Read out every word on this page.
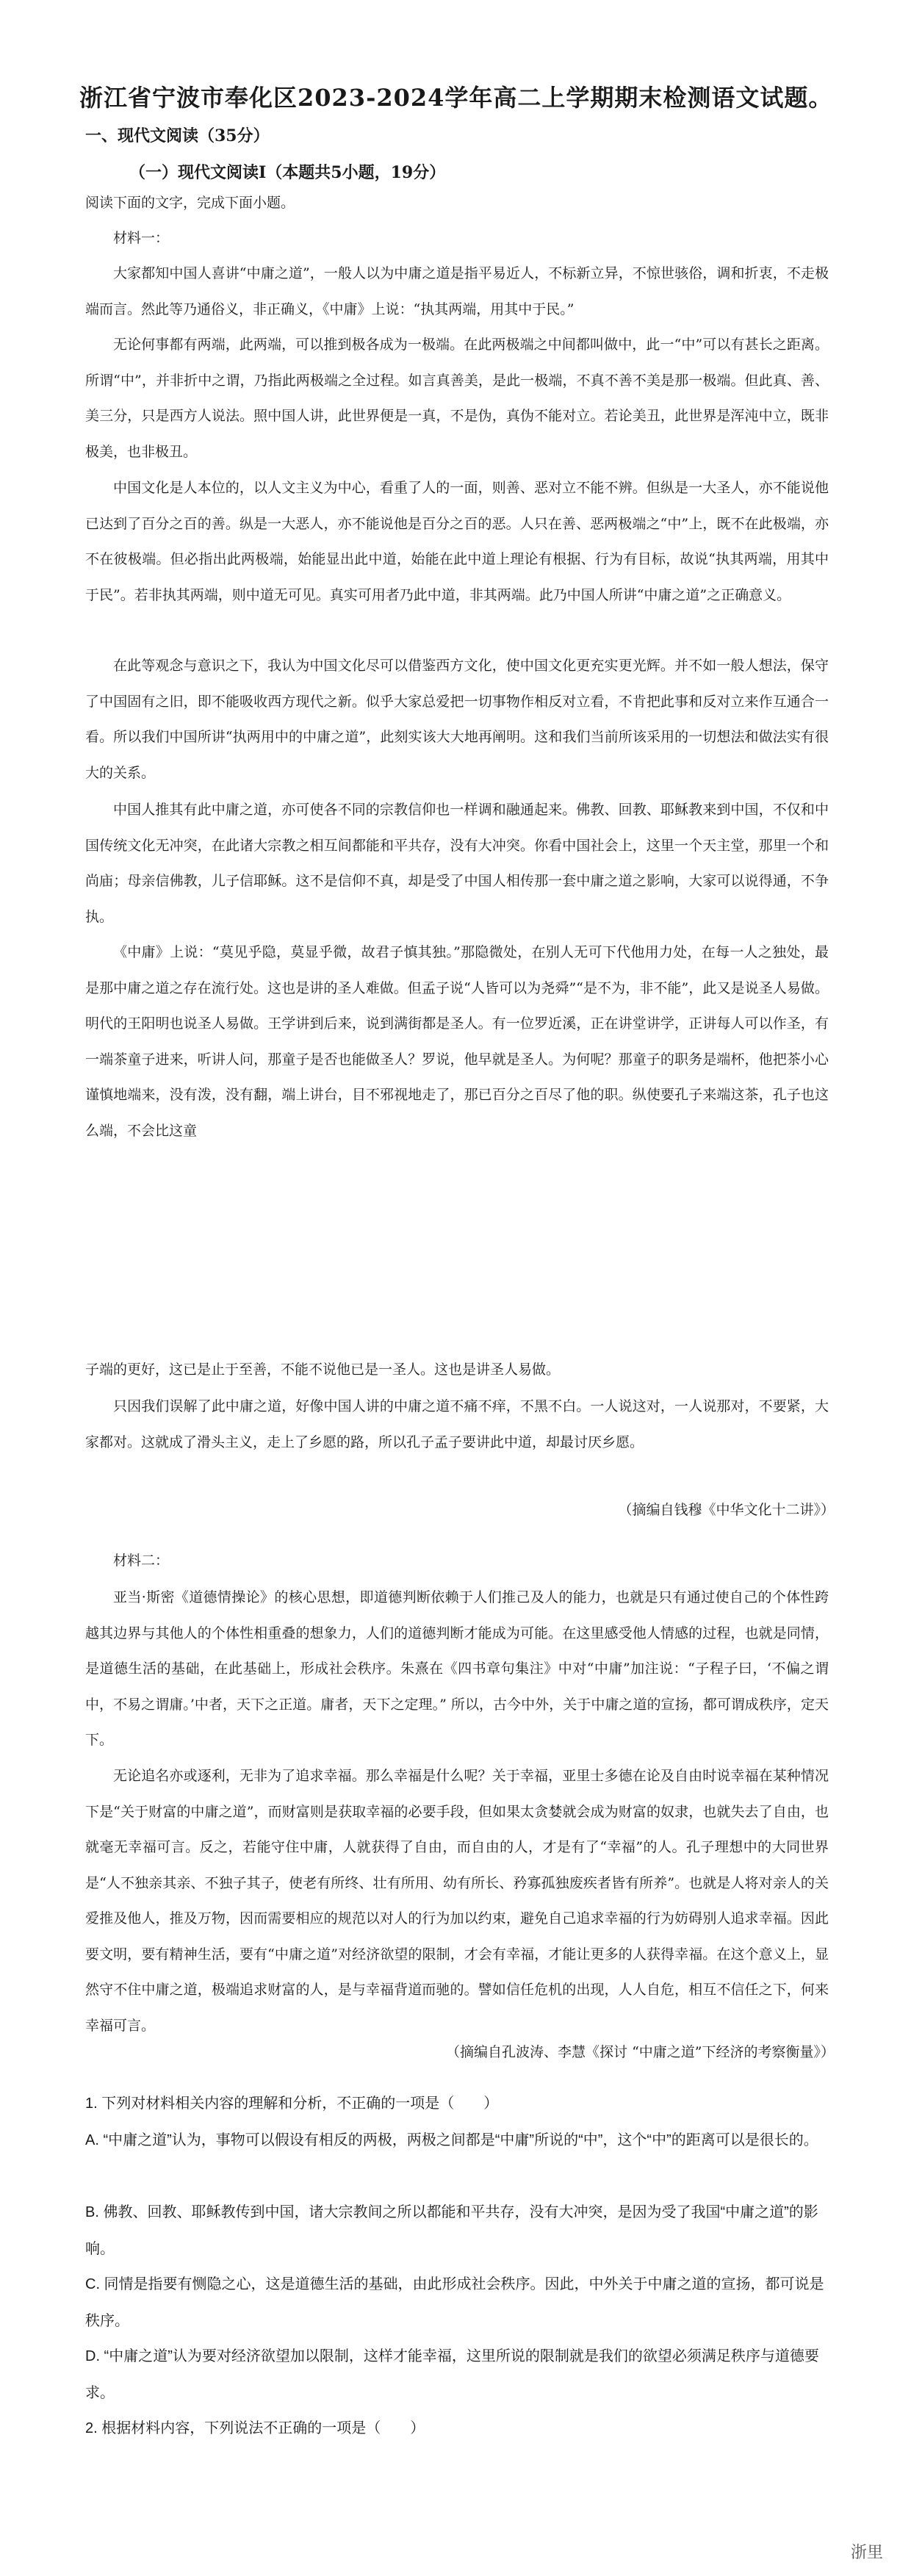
浙江省宁波市奉化区2023-2024学年高二上学期期末检测语文试题。
一、现代文阅读（35分）
（一）现代文阅读Ⅰ（本题共5小题，19分）
阅读下面的文字，完成下面小题。
材料一：
大家都知中国人喜讲“中庸之道”，一般人以为中庸之道是指平易近人，不标新立异，不惊世骇俗，调和折衷，不走极端而言。然此等乃通俗义，非正确义，《中庸》上说：“执其两端，用其中于民。”
无论何事都有两端，此两端，可以推到极各成为一极端。在此两极端之中间都叫做中，此一“中”可以有甚长之距离。所谓“中”，并非折中之谓，乃指此两极端之全过程。如言真善美，是此一极端，不真不善不美是那一极端。但此真、善、美三分，只是西方人说法。照中国人讲，此世界便是一真，不是伪，真伪不能对立。若论美丑，此世界是浑沌中立，既非极美，也非极丑。
中国文化是人本位的，以人文主义为中心，看重了人的一面，则善、恶对立不能不辨。但纵是一大圣人，亦不能说他已达到了百分之百的善。纵是一大恶人，亦不能说他是百分之百的恶。人只在善、恶两极端之“中”上，既不在此极端，亦不在彼极端。但必指出此两极端，始能显出此中道，始能在此中道上理论有根据、行为有目标，故说“执其两端，用其中于民”。若非执其两端，则中道无可见。真实可用者乃此中道，非其两端。此乃中国人所讲“中庸之道”之正确意义。
在此等观念与意识之下，我认为中国文化尽可以借鉴西方文化，使中国文化更充实更光辉。并不如一般人想法，保守了中国固有之旧，即不能吸收西方现代之新。似乎大家总爱把一切事物作相反对立看，不肯把此事和反对立来作互通合一看。所以我们中国所讲“执两用中的中庸之道”，此刻实该大大地再阐明。这和我们当前所该采用的一切想法和做法实有很大的关系。
中国人推其有此中庸之道，亦可使各不同的宗教信仰也一样调和融通起来。佛教、回教、耶稣教来到中国，不仅和中国传统文化无冲突，在此诸大宗教之相互间都能和平共存，没有大冲突。你看中国社会上，这里一个天主堂，那里一个和尚庙；母亲信佛教，儿子信耶稣。这不是信仰不真，却是受了中国人相传那一套中庸之道之影响，大家可以说得通，不争执。
《中庸》上说：“莫见乎隐，莫显乎微，故君子慎其独。”那隐微处，在别人无可下代他用力处，在每一人之独处，最是那中庸之道之存在流行处。这也是讲的圣人难做。但孟子说“人皆可以为尧舜”“是不为，非不能”，此又是说圣人易做。明代的王阳明也说圣人易做。王学讲到后来，说到满街都是圣人。有一位罗近溪，正在讲堂讲学，正讲每人可以作圣，有一端茶童子进来，听讲人问，那童子是否也能做圣人？罗说，他早就是圣人。为何呢？那童子的职务是端杯，他把茶小心谨慎地端来，没有泼，没有翻，端上讲台，目不邪视地走了，那已百分之百尽了他的职。纵使要孔子来端这茶，孔子也这么端，不会比这童
子端的更好，这已是止于至善，不能不说他已是一圣人。这也是讲圣人易做。
只因我们误解了此中庸之道，好像中国人讲的中庸之道不痛不痒，不黑不白。一人说这对，一人说那对，不要紧，大家都对。这就成了滑头主义，走上了乡愿的路，所以孔子孟子要讲此中道，却最讨厌乡愿。
（摘编自钱穆《中华文化十二讲》）
材料二：
亚当·斯密《道德情操论》的核心思想，即道德判断依赖于人们推己及人的能力，也就是只有通过使自己的个体性跨越其边界与其他人的个体性相重叠的想象力，人们的道德判断才能成为可能。在这里感受他人情感的过程，也就是同情，是道德生活的基础，在此基础上，形成社会秩序。朱熹在《四书章句集注》中对“中庸”加注说：“子程子曰，‘不偏之谓中，不易之谓庸。’中者，天下之正道。庸者，天下之定理。” 所以，古今中外，关于中庸之道的宣扬，都可谓成秩序，定天下。
无论追名亦或逐利，无非为了追求幸福。那么幸福是什么呢？关于幸福，亚里士多德在论及自由时说幸福在某种情况下是“关于财富的中庸之道”，而财富则是获取幸福的必要手段，但如果太贪婪就会成为财富的奴隶，也就失去了自由，也就毫无幸福可言。反之，若能守住中庸，人就获得了自由，而自由的人，才是有了“幸福”的人。孔子理想中的大同世界是“人不独亲其亲、不独子其子，使老有所终、壮有所用、幼有所长、矜寡孤独废疾者皆有所养”。也就是人将对亲人的关爱推及他人，推及万物，因而需要相应的规范以对人的行为加以约束，避免自己追求幸福的行为妨碍别人追求幸福。因此要文明，要有精神生活，要有“中庸之道”对经济欲望的限制，才会有幸福，才能让更多的人获得幸福。在这个意义上，显然守不住中庸之道，极端追求财富的人，是与幸福背道而驰的。譬如信任危机的出现，人人自危，相互不信任之下，何来幸福可言。
（摘编自孔波涛、李慧《探讨 “中庸之道”下经济的考察衡量》）
1. 下列对材料相关内容的理解和分析，不正确的一项是（　　）
A. “中庸之道”认为，事物可以假设有相反的两极，两极之间都是“中庸”所说的“中”，这个“中”的距离可以是很长的。
B. 佛教、回教、耶稣教传到中国，诸大宗教间之所以都能和平共存，没有大冲突，是因为受了我国“中庸之道”的影响。
C. 同情是指要有恻隐之心，这是道德生活的基础，由此形成社会秩序。因此，中外关于中庸之道的宣扬，都可说是秩序。
D. “中庸之道”认为要对经济欲望加以限制，这样才能幸福，这里所说的限制就是我们的欲望必须满足秩序与道德要求。
2. 根据材料内容，下列说法不正确的一项是（　　）
浙里
